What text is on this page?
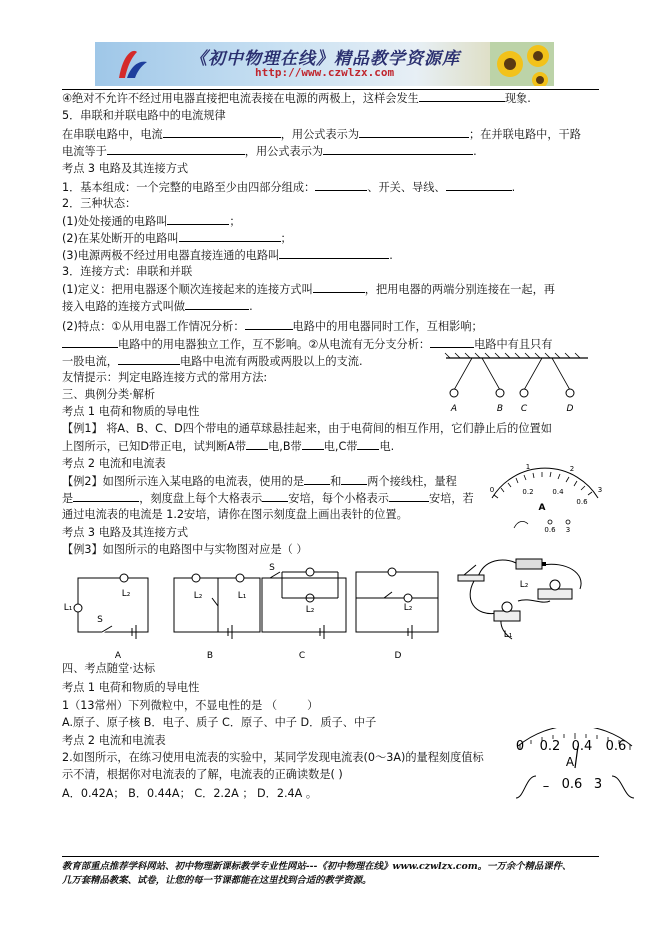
《初中物理在线》精品教学资源库
http://www.czwlzx.com
④绝对不允许不经过用电器直接把电流表接在电源的两极上，这样会发生	现象.
5．串联和并联电路中的电流规律
在串联电路中，电流	，用公式表示为	；在并联电路中，干路
电流等于	，用公式表示为	.
考点 3 电路及其连接方式
1．基本组成：一个完整的电路至少由四部分组成：	、开关、导线、	.
2．三种状态：
(1)处处接通的电路叫	；
(2)在某处断开的电路叫	；
(3)电源两极不经过用电器直接连通的电路叫	.
3．连接方式：串联和并联
(1)定义：把用电器逐个顺次连接起来的连接方式叫	，把用电器的两端分别连接在一起，再
接入电路的连接方式叫做	.
(2)特点：①从用电器工作情况分析：	电路中的用电器同时工作，互相影响；
电路中的用电器独立工作，互不影响。②从电流有无分支分析：	电路中有且只有
一股电流，	电路中电流有两股或两股以上的支流.
友情提示：判定电路连接方式的常用方法:
三、典例分类·解析
考点 1 电荷和物质的导电性
【例1】 将A、B、C、D四个带电的通草球悬挂起来，由于电荷间的相互作用，它们静止后的位置如
上图所示，已知D带正电，试判断A带 电,B带 电,C带 电.
考点 2 电流和电流表
【例2】如图所示连入某电路的电流表，使用的是 和 两个接线柱，量程
是	，刻度盘上每个大格表示 安培，每个小格表示	安培，若
通过电流表的电流是 1.2安培，请你在图示刻度盘上画出表针的位置。
考点 3 电路及其连接方式
【例3】如图所示的电路图中与实物图对应是（ ）
四、考点随堂·达标
考点 1 电荷和物质的导电性
1（13常州）下列微粒中，不显电性的是 （	）
A.原子、原子核 B．电子、质子 C．原子、中子 D．质子、中子
考点 2 电流和电流表
2.如图所示，在练习使用电流表的实验中，某同学发现电流表(0～3A)的量程刻度值标
示不清，根据你对电流表的了解，电流表的正确读数是( )
A．0.42A； B．0.44A； C．2.2A ； D．2.4A 。
A	B C	D
0
1	2
3
0.2	0.4
0.6
A
0.6 3
L₁
L₂
S
L₂	L₁
S
L₂	L₂
A	B	C	D
L₂
L₁
0 0.2 0.4 0.6
A
– 0.6 3
教育部重点推荐学科网站、初中物理新课标教学专业性网站---《初中物理在线》www.czwlzx.com。一万余个精品课件、
几万套精品教案、试卷，让您的每一节课都能在这里找到合适的教学资源。
